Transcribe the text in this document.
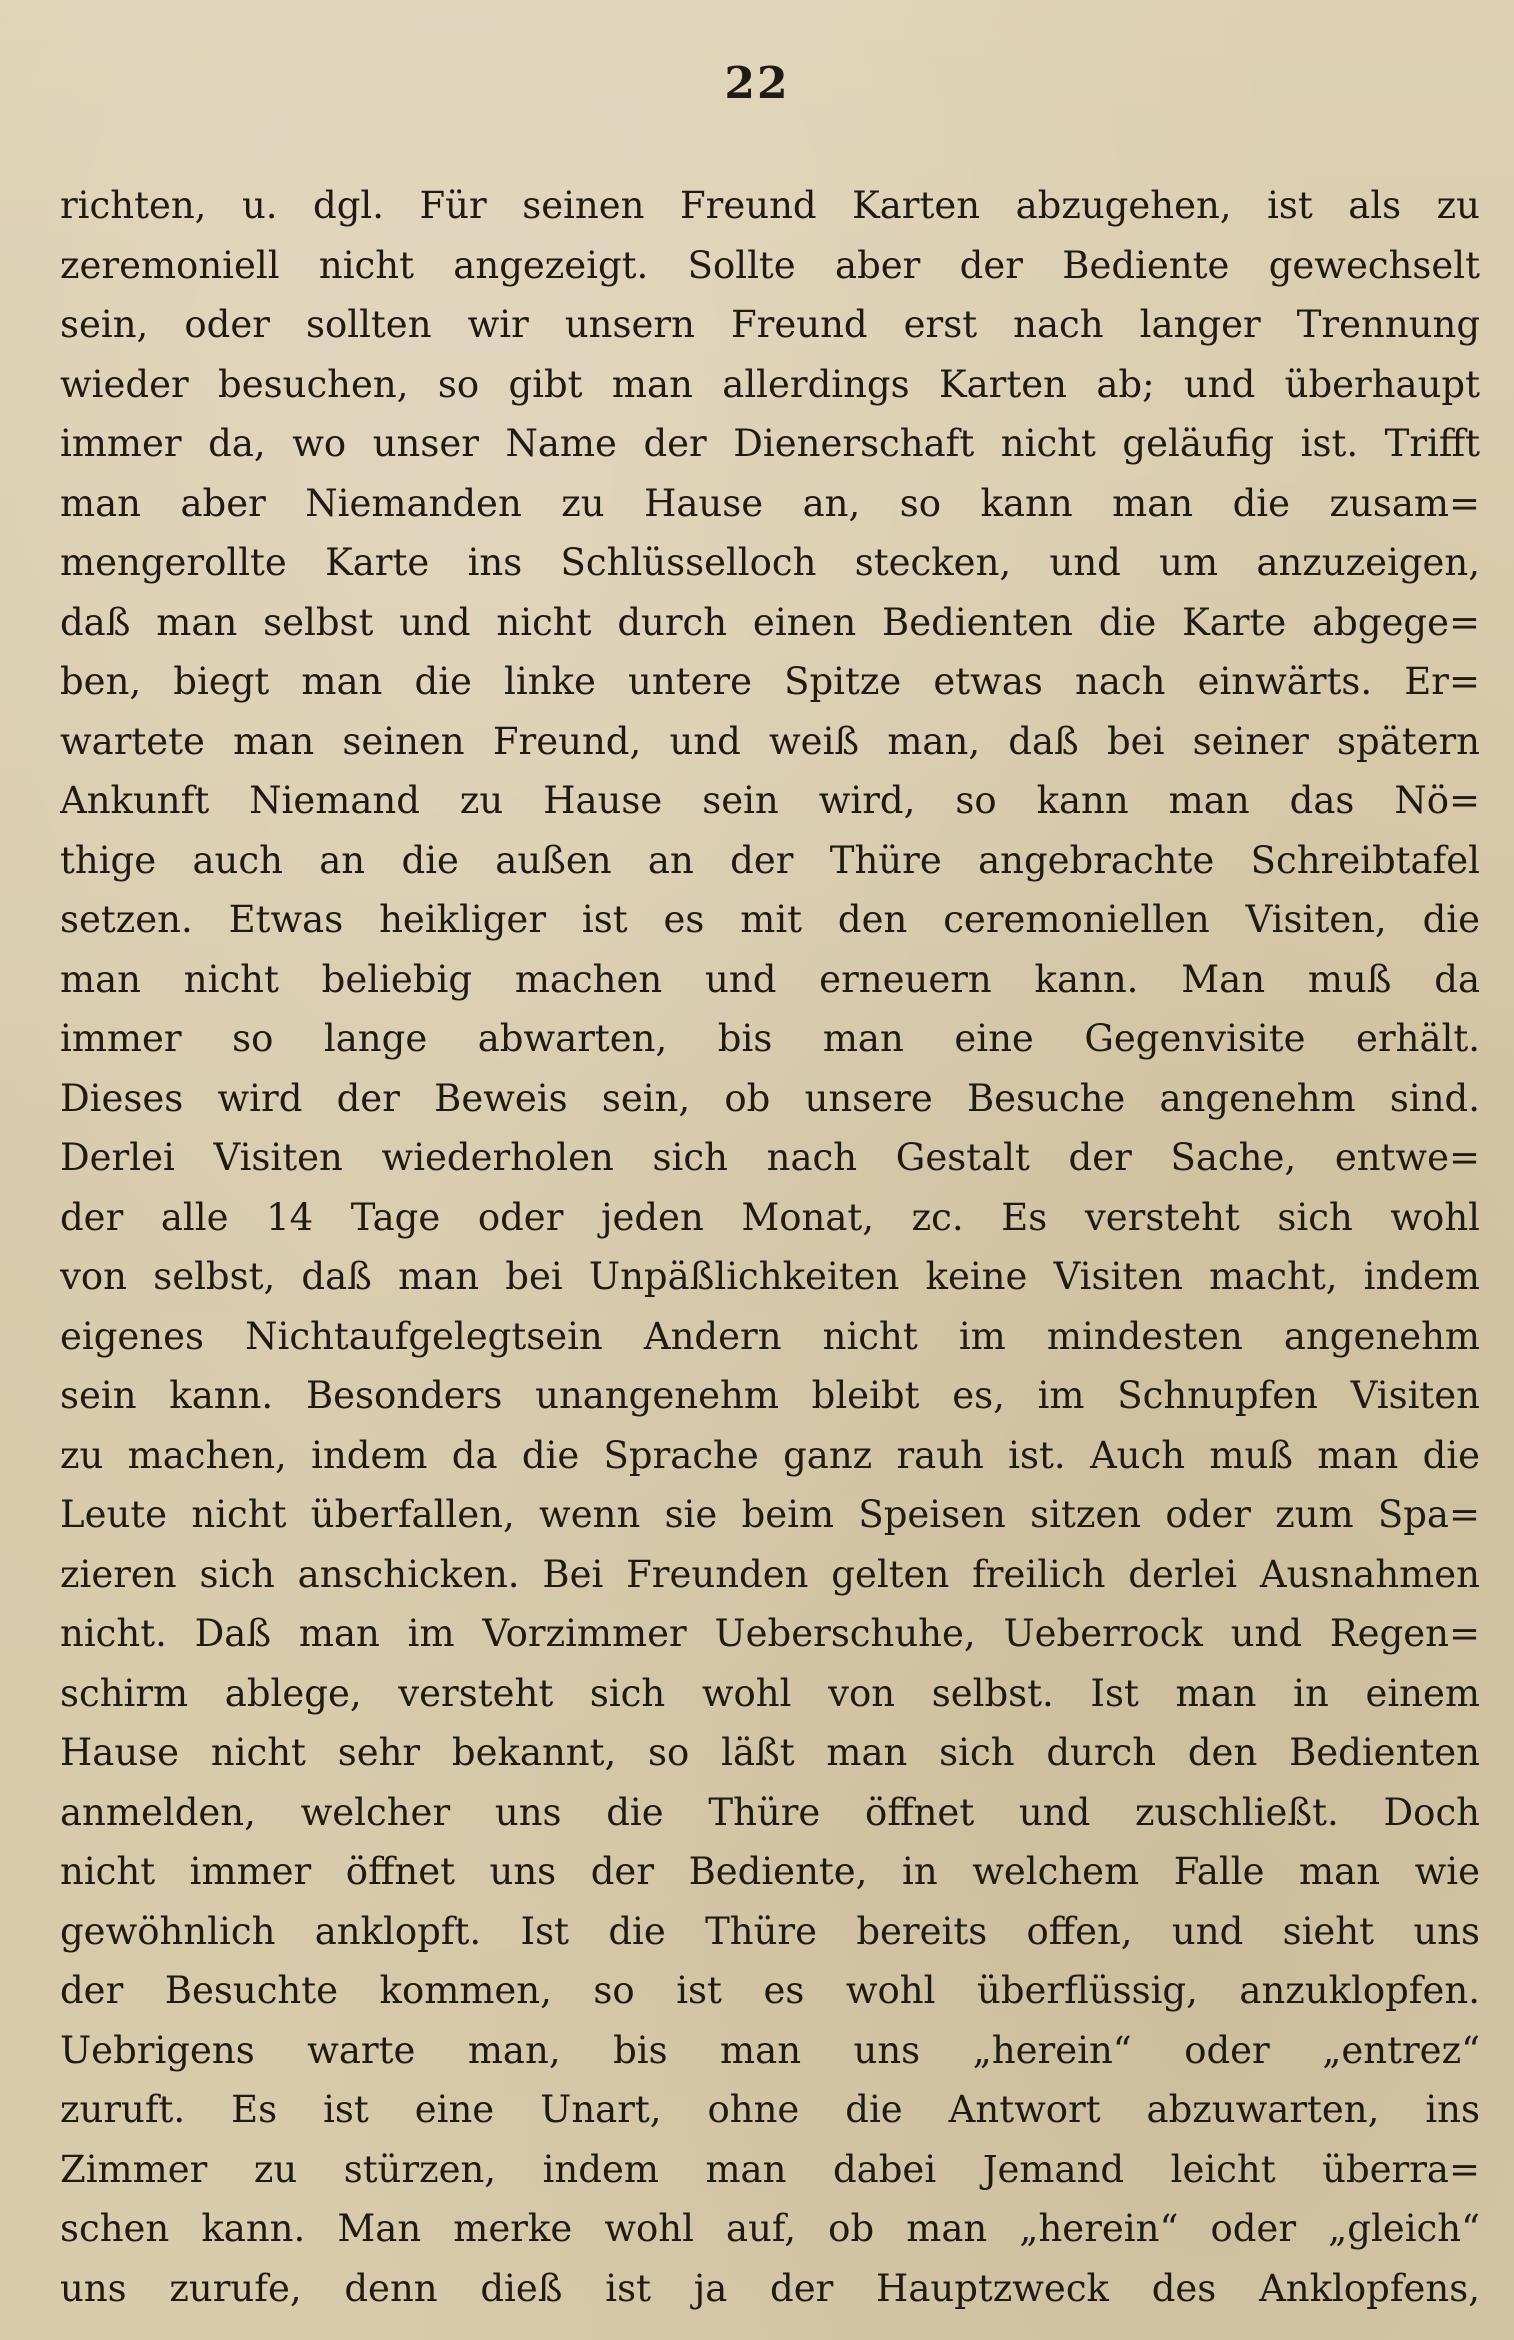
22
richten, u. dgl. Für seinen Freund Karten abzugehen, ist als zu
zeremoniell nicht angezeigt. Sollte aber der Bediente gewechselt
sein, oder sollten wir unsern Freund erst nach langer Trennung
wieder besuchen, so gibt man allerdings Karten ab; und überhaupt
immer da, wo unser Name der Dienerschaft nicht geläufig ist. Trifft
man aber Niemanden zu Hause an, so kann man die zusam=
mengerollte Karte ins Schlüsselloch stecken, und um anzuzeigen,
daß man selbst und nicht durch einen Bedienten die Karte abgege=
ben, biegt man die linke untere Spitze etwas nach einwärts. Er=
wartete man seinen Freund, und weiß man, daß bei seiner spätern
Ankunft Niemand zu Hause sein wird, so kann man das Nö=
thige auch an die außen an der Thüre angebrachte Schreibtafel
setzen. Etwas heikliger ist es mit den ceremoniellen Visiten, die
man nicht beliebig machen und erneuern kann. Man muß da
immer so lange abwarten, bis man eine Gegenvisite erhält.
Dieses wird der Beweis sein, ob unsere Besuche angenehm sind.
Derlei Visiten wiederholen sich nach Gestalt der Sache, entwe=
der alle 14 Tage oder jeden Monat, zc. Es versteht sich wohl
von selbst, daß man bei Unpäßlichkeiten keine Visiten macht, indem
eigenes Nichtaufgelegtsein Andern nicht im mindesten angenehm
sein kann. Besonders unangenehm bleibt es, im Schnupfen Visiten
zu machen, indem da die Sprache ganz rauh ist. Auch muß man die
Leute nicht überfallen, wenn sie beim Speisen sitzen oder zum Spa=
zieren sich anschicken. Bei Freunden gelten freilich derlei Ausnahmen
nicht. Daß man im Vorzimmer Ueberschuhe, Ueberrock und Regen=
schirm ablege, versteht sich wohl von selbst. Ist man in einem
Hause nicht sehr bekannt, so läßt man sich durch den Bedienten
anmelden, welcher uns die Thüre öffnet und zuschließt. Doch
nicht immer öffnet uns der Bediente, in welchem Falle man wie
gewöhnlich anklopft. Ist die Thüre bereits offen, und sieht uns
der Besuchte kommen, so ist es wohl überflüssig, anzuklopfen.
Uebrigens warte man, bis man uns „herein“ oder „entrez“
zuruft. Es ist eine Unart, ohne die Antwort abzuwarten, ins
Zimmer zu stürzen, indem man dabei Jemand leicht überra=
schen kann. Man merke wohl auf, ob man „herein“ oder „gleich“
uns zurufe, denn dieß ist ja der Hauptzweck des Anklopfens,
